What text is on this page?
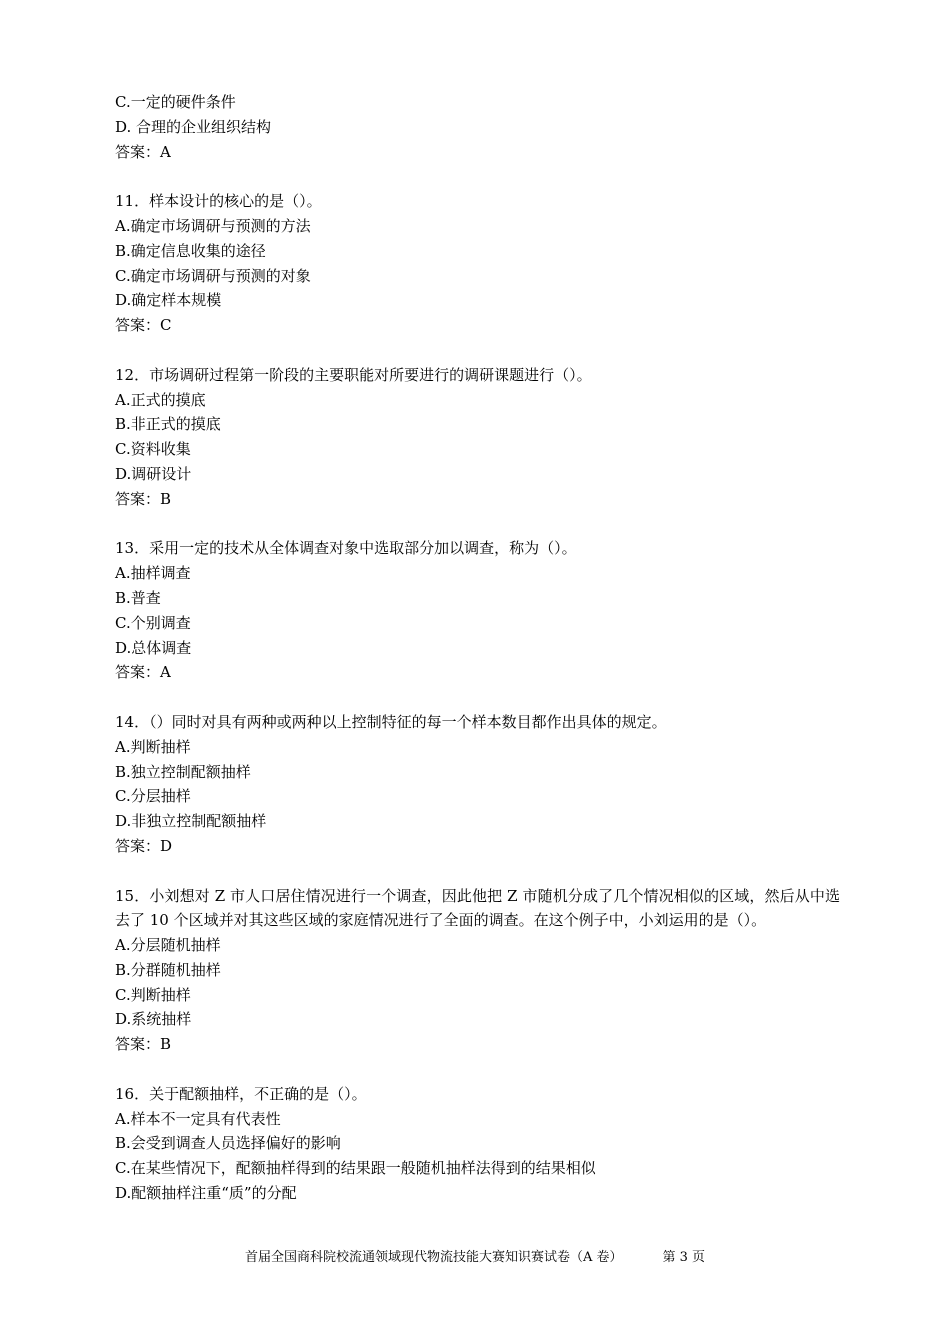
C.一定的硬件条件

D. 合理的企业组织结构

答案：A

11．样本设计的核心的是（）。

A.确定市场调研与预测的方法

B.确定信息收集的途径

C.确定市场调研与预测的对象

D.确定样本规模

答案：C

12．市场调研过程第一阶段的主要职能对所要进行的调研课题进行（）。

A.正式的摸底

B.非正式的摸底

C.资料收集

D.调研设计

答案：B

13．采用一定的技术从全体调查对象中选取部分加以调查，称为（）。

A.抽样调查

B.普查

C.个别调查

D.总体调查

答案：A

14．（）同时对具有两种或两种以上控制特征的每一个样本数目都作出具体的规定。

A.判断抽样

B.独立控制配额抽样

C.分层抽样

D.非独立控制配额抽样

答案：D

15．小刘想对 Z 市人口居住情况进行一个调查，因此他把 Z 市随机分成了几个情况相似的区域，然后从中选去了 10 个区域并对其这些区域的家庭情况进行了全面的调查。在这个例子中，小刘运用的是（）。

A.分层随机抽样

B.分群随机抽样

C.判断抽样

D.系统抽样

答案：B

16．关于配额抽样，不正确的是（）。

A.样本不一定具有代表性

B.会受到调查人员选择偏好的影响

C.在某些情况下，配额抽样得到的结果跟一般随机抽样法得到的结果相似

D.配额抽样注重“质”的分配

首届全国商科院校流通领域现代物流技能大赛知识赛试卷（A 卷）	第 3 页
